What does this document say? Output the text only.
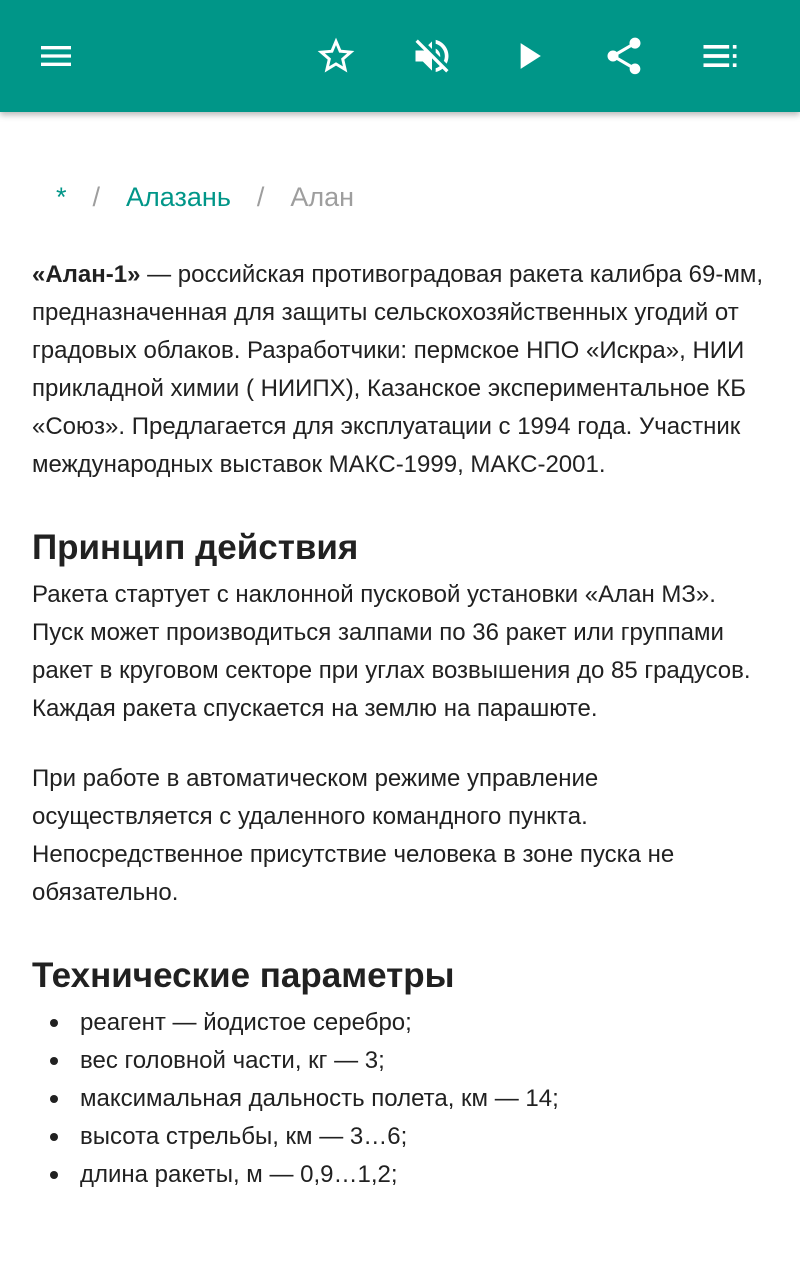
* / Алазань / Алан

«Алан-1» — российская противоградовая ракета калибра 69-мм, предназначенная для защиты сельскохозяйственных угодий от градовых облаков. Разработчики: пермское НПО «Искра», НИИ прикладной химии ( НИИПХ), Казанское экспериментальное КБ «Союз». Предлагается для эксплуатации с 1994 года. Участник международных выставок МАКС-1999, МАКС-2001.

Принцип действия

Ракета стартует с наклонной пусковой установки «Алан МЗ». Пуск может производиться залпами по 36 ракет или группами ракет в круговом секторе при углах возвышения до 85 градусов. Каждая ракета спускается на землю на парашюте.

При работе в автоматическом режиме управление осуществляется с удаленного командного пункта. Непосредственное присутствие человека в зоне пуска не обязательно.

Технические параметры
реагент — йодистое серебро;
вес головной части, кг — 3;
максимальная дальность полета, км — 14;
высота стрельбы, км — 3…6;
длина ракеты, м — 0,9…1,2;
